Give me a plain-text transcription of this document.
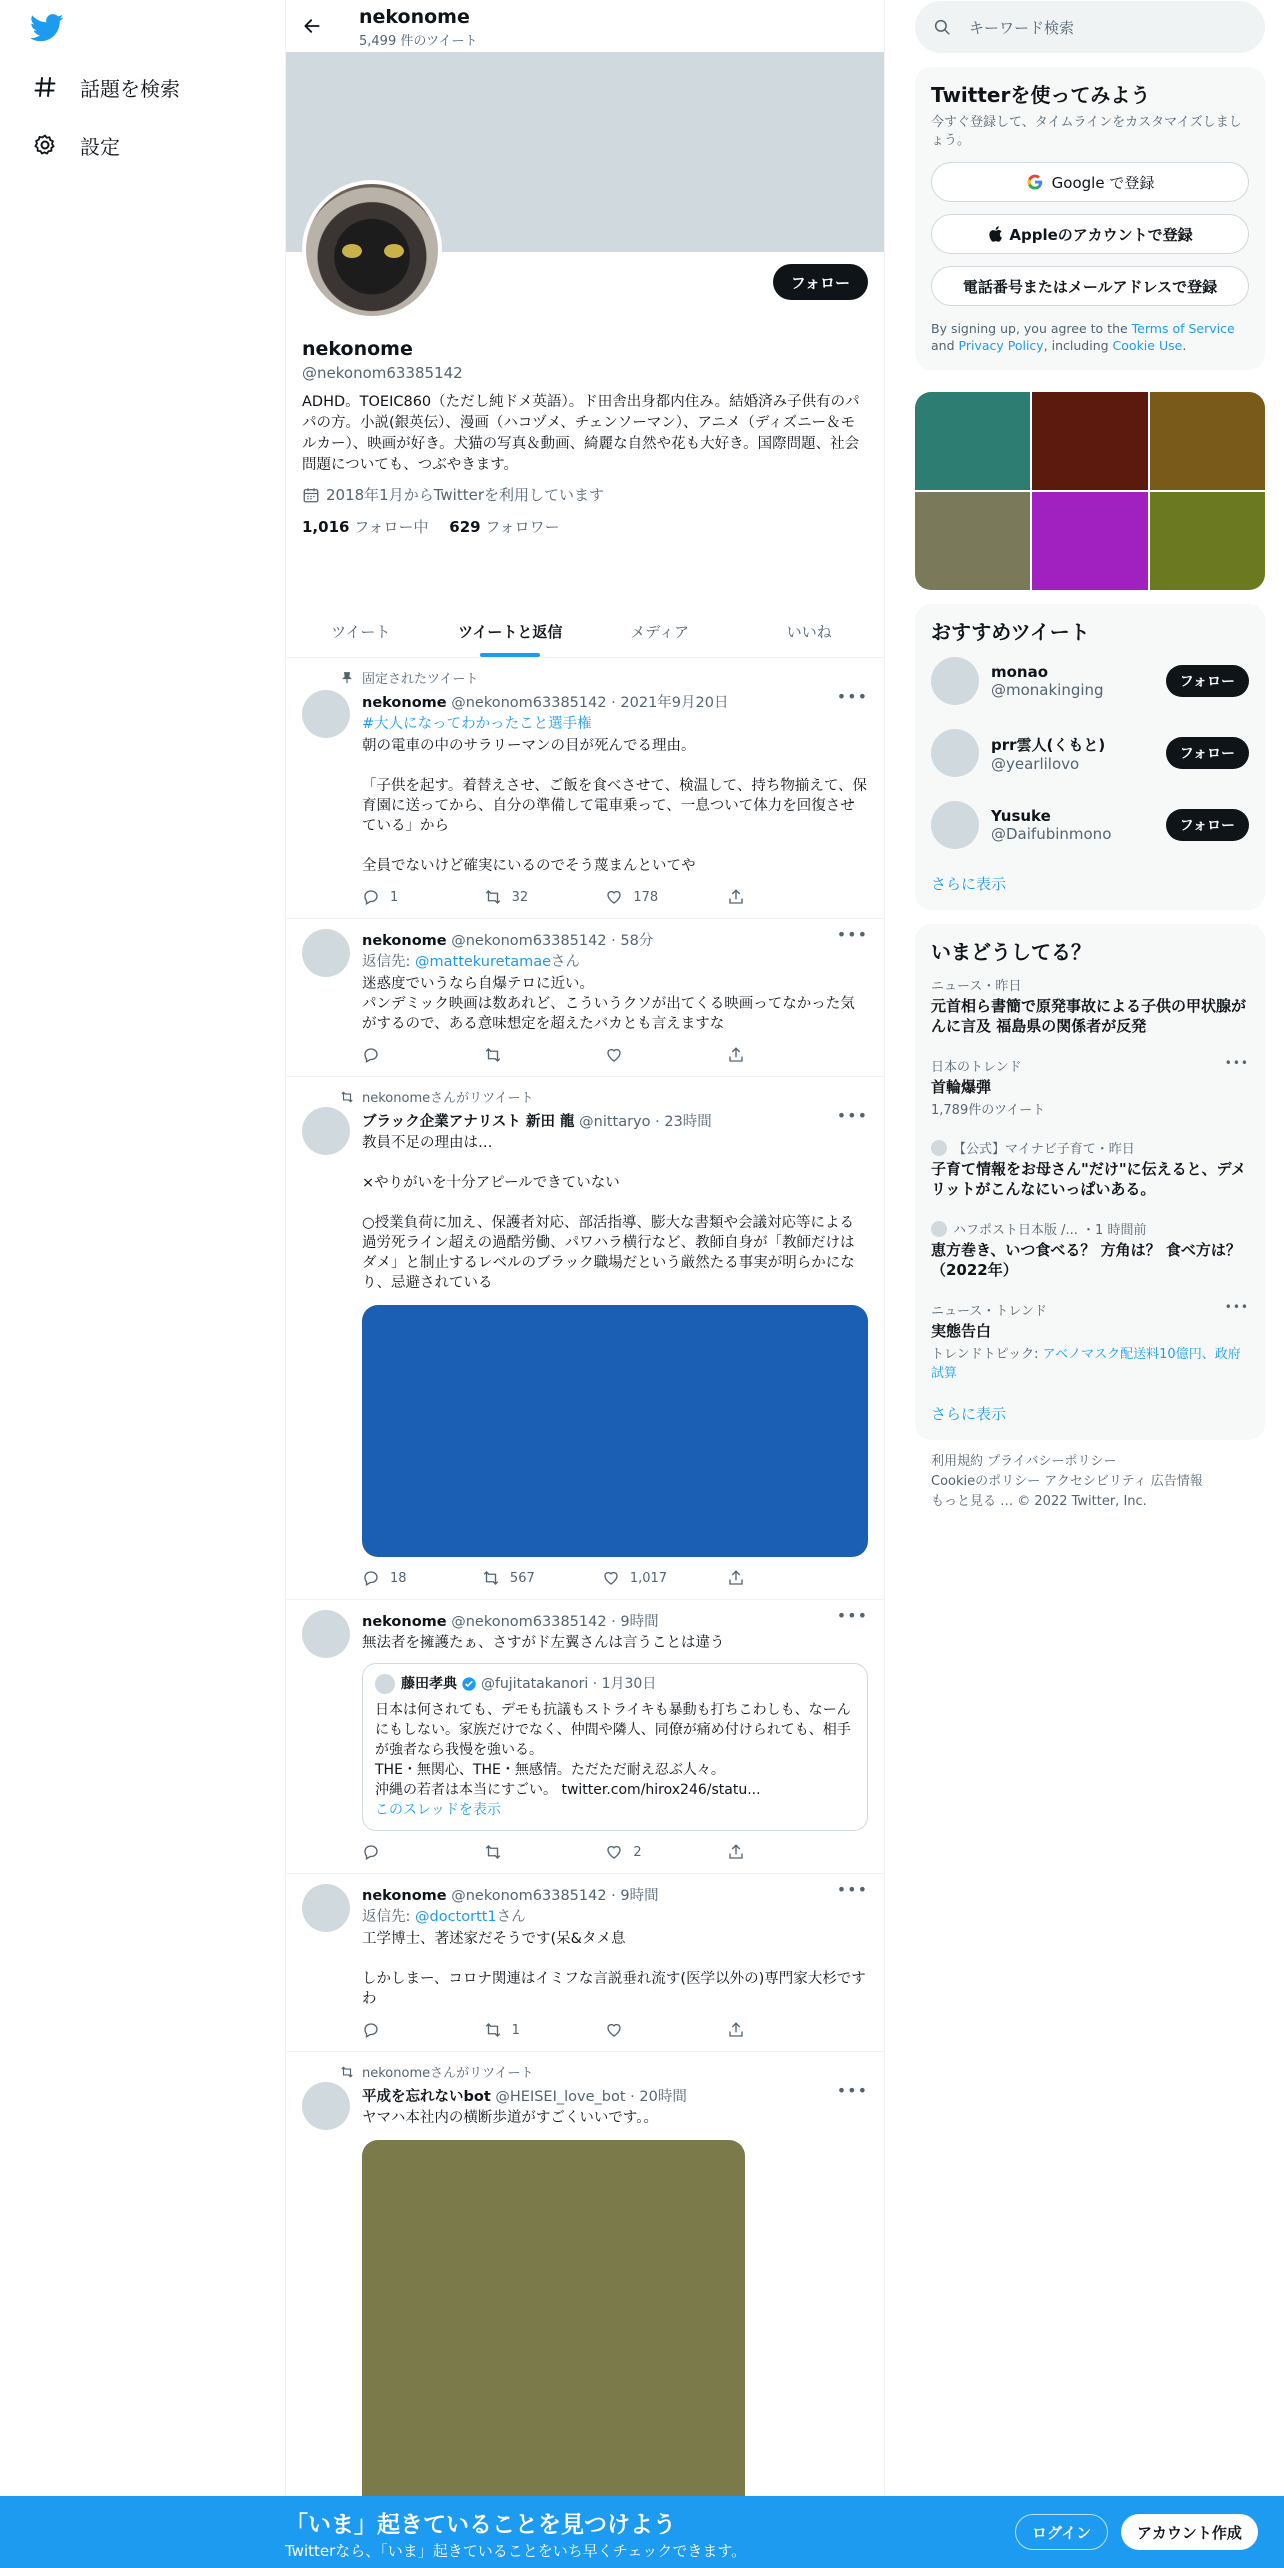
話題を検索
設定
nekonome
5,499 件のツイート
フォロー
nekonome
@nekonom63385142
ADHD。TOEIC860（ただし純ドメ英語）。ド田舎出身都内住み。結婚済み子供有のパパの方。小説(銀英伝）、漫画（ハコヅメ、チェンソーマン）、アニメ（ディズニー＆モルカー）、映画が好き。犬猫の写真＆動画、綺麗な自然や花も大好き。国際問題、社会問題についても、つぶやきます。
2018年1月からTwitterを利用しています
1,016 フォロー中 629 フォロワー
ツイート	ツイートと返信	メディア	いいね
固定されたツイート
nekonome @nekonom63385142 · 2021年9月20日	•••
#大人になってわかったこと選手権
朝の電車の中のサラリーマンの目が死んでる理由。

「子供を起す。着替えさせ、ご飯を食べさせて、検温して、持ち物揃えて、保育園に送ってから、自分の準備して電車乗って、一息ついて体力を回復させている」から

全員でないけど確実にいるのでそう蔑まんといてや
1	32	178
nekonome @nekonom63385142 · 58分	•••
返信先: @mattekuretamaeさん
迷惑度でいうなら自爆テロに近い。
パンデミック映画は数あれど、こういうクソが出てくる映画ってなかった気がするので、ある意味想定を超えたバカとも言えますな
nekonomeさんがリツイート
ブラック企業アナリスト 新田 龍 @nittaryo · 23時間	•••
教員不足の理由は…

×やりがいを十分アピールできていない

○授業負荷に加え、保護者対応、部活指導、膨大な書類や会議対応等による過労死ライン超えの過酷労働、パワハラ横行など、教師自身が「教師だけはダメ」と制止するレベルのブラック職場だという厳然たる事実が明らかになり、忌避されている
18	567	1,017
nekonome @nekonom63385142 · 9時間	•••
無法者を擁護たぁ、さすがド左翼さんは言うことは違う
藤田孝典 @fujitatakanori · 1月30日
日本は何されても、デモも抗議もストライキも暴動も打ちこわしも、なーんにもしない。家族だけでなく、仲間や隣人、同僚が痛め付けられても、相手が強者なら我慢を強いる。
THE・無関心、THE・無感情。ただただ耐え忍ぶ人々。
沖縄の若者は本当にすごい。 twitter.com/hirox246/statu...
このスレッドを表示
2
nekonome @nekonom63385142 · 9時間	•••
返信先: @doctortt1さん
工学博士、著述家だそうです(呆&タメ息

しかしまー、コロナ関連はイミフな言説垂れ流す(医学以外の)専門家大杉ですわ
1
nekonomeさんがリツイート
平成を忘れないbot @HEISEI_love_bot · 20時間	•••
ヤマハ本社内の横断歩道がすごくいいです。。
キーワード検索
Twitterを使ってみよう
今すぐ登録して、タイムラインをカスタマイズしましょう。
Google で登録
Appleのアカウントで登録
電話番号またはメールアドレスで登録
By signing up, you agree to the Terms of Service and Privacy Policy, including Cookie Use.
おすすめツイート
monao
@monakinging	フォロー
prr雲人(くもと)
@yearlilovo
フォロー
Yusuke
@Daifubinmono	フォロー
さらに表示
いまどうしてる？
ニュース・昨日
元首相ら書簡で原発事故による子供の甲状腺がんに言及 福島県の関係者が反発
日本のトレンド
首輪爆弾
1,789件のツイート
•••
【公式】マイナビ子育て・昨日
子育て情報をお母さん"だけ"に伝えると、デメリットがこんなにいっぱいある。
ハフポスト日本版 /... ・1 時間前
恵方巻き、いつ食べる？ 方角は？ 食べ方は？（2022年）
ニュース・トレンド
実態告白
トレンドトピック: アベノマスク配送料10億円、政府試算
•••
さらに表示
利用規約 プライバシーポリシー
Cookieのポリシー アクセシビリティ 広告情報
もっと見る … © 2022 Twitter, Inc.
「いま」起きていることを見つけよう
Twitterなら、「いま」起きていることをいち早くチェックできます。
ログイン	アカウント作成
